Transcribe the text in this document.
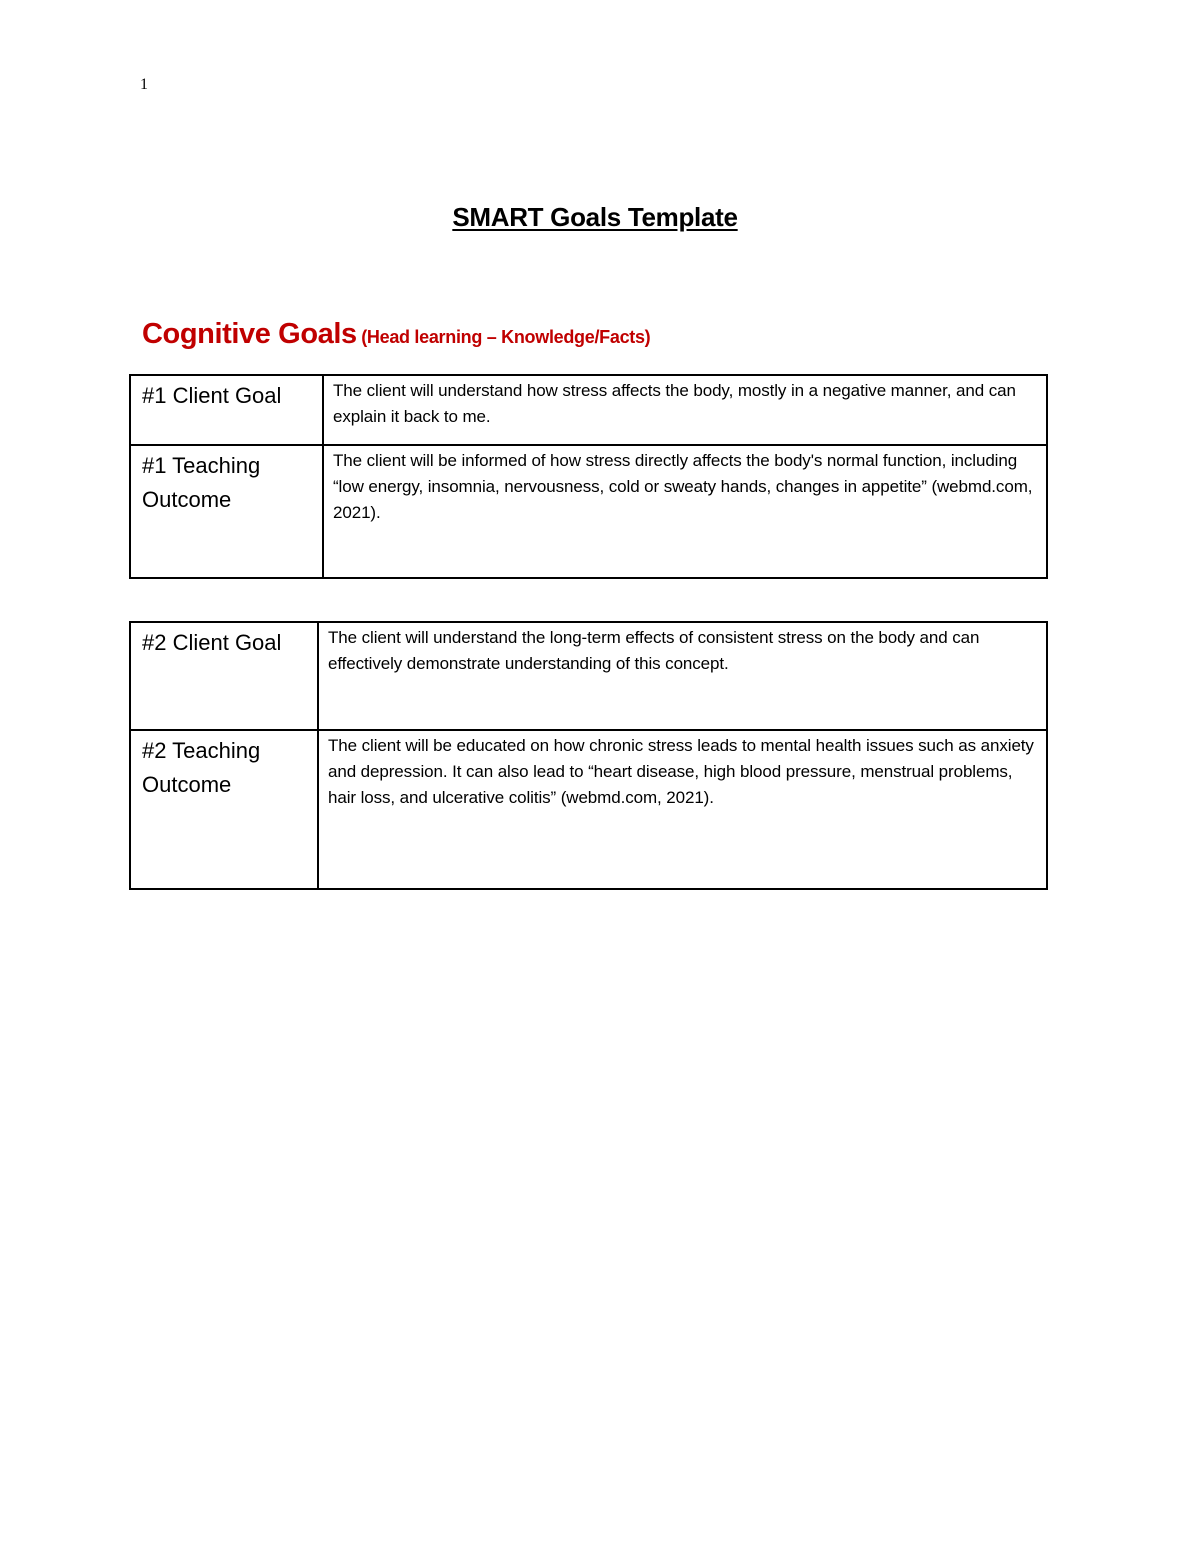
1
SMART Goals Template
Cognitive Goals (Head learning – Knowledge/Facts)
#1 Client Goal	The client will understand how stress affects the body, mostly in a negative manner, and can explain it back to me.
#1 Teaching Outcome	The client will be informed of how stress directly affects the body's normal function, including “low energy, insomnia, nervousness, cold or sweaty hands, changes in appetite” (webmd.com, 2021).
#2 Client Goal	The client will understand the long-term effects of consistent stress on the body and can effectively demonstrate understanding of this concept.
#2 Teaching Outcome	The client will be educated on how chronic stress leads to mental health issues such as anxiety and depression. It can also lead to “heart disease, high blood pressure, menstrual problems, hair loss, and ulcerative colitis” (webmd.com, 2021).
